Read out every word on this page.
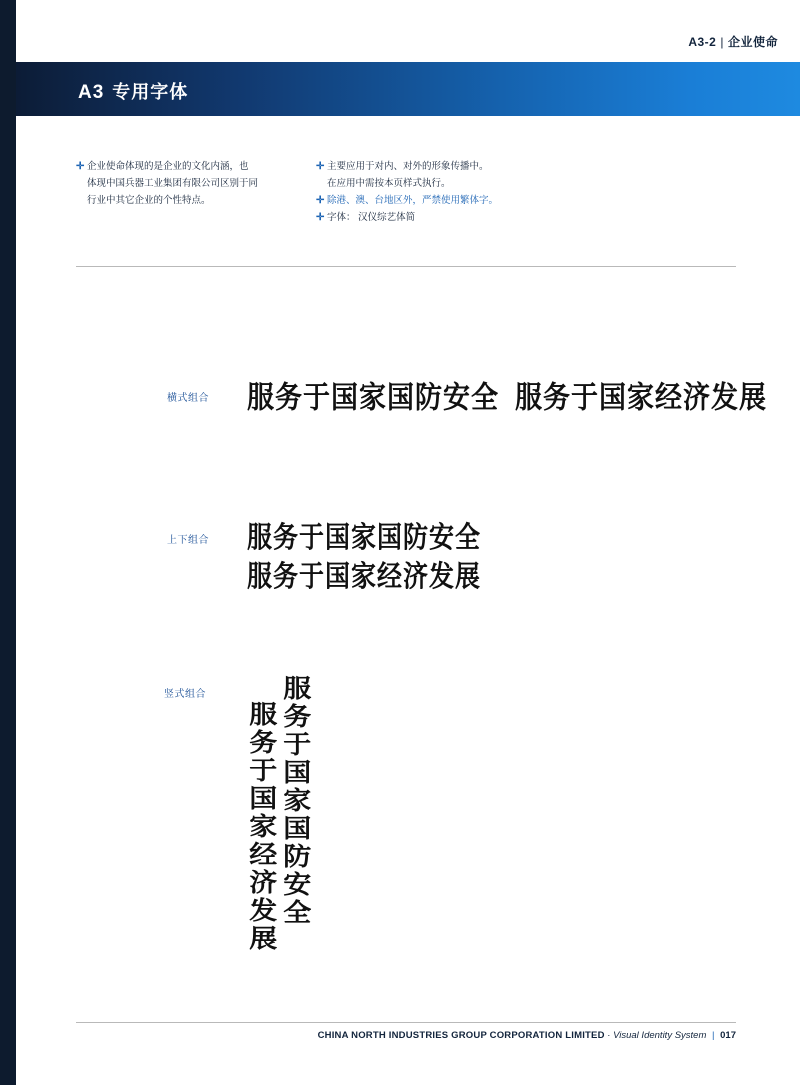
A3-2 | 企业使命
A3 专用字体
✛ 企业使命体现的是企业的文化内涵，也
体现中国兵器工业集团有限公司区别于同
行业中其它企业的个性特点。
✛ 主要应用于对内、对外的形象传播中。
在应用中需按本页样式执行。
✛ 除港、澳、台地区外，严禁使用繁体字。
✛ 字体： 汉仪综艺体简
横式组合 服务于国家国防安全 服务于国家经济发展
上下组合 服务于国家国防安全
服务于国家经济发展
竖式组合	服务于国家国防安全
服务于国家经济发展
CHINA NORTH INDUSTRIES GROUP CORPORATION LIMITED · Visual Identity System | 017
